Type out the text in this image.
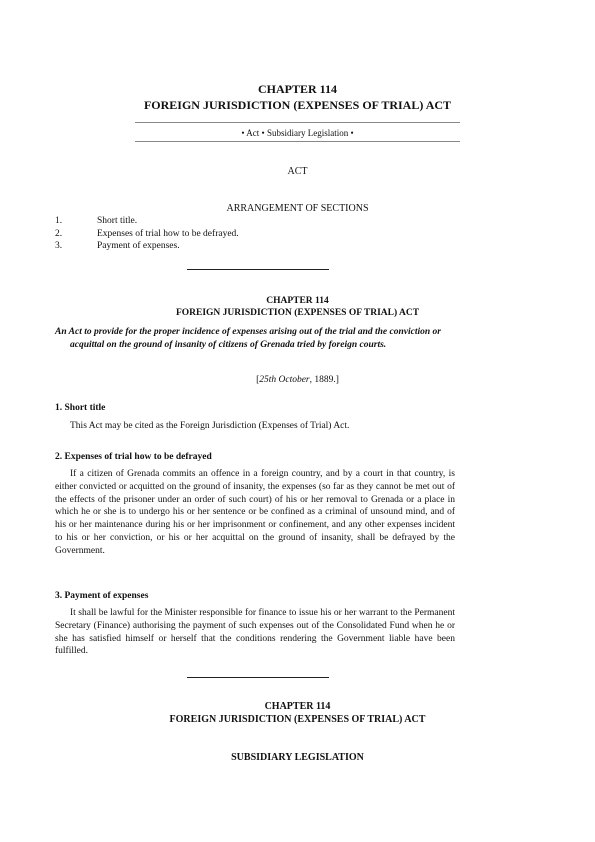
CHAPTER 114
FOREIGN JURISDICTION (EXPENSES OF TRIAL) ACT
• Act • Subsidiary Legislation •
ACT
ARRANGEMENT OF SECTIONS
1.	Short title.
2.	Expenses of trial how to be defrayed.
3.	Payment of expenses.
CHAPTER 114
FOREIGN JURISDICTION (EXPENSES OF TRIAL) ACT
An Act to provide for the proper incidence of expenses arising out of the trial and the conviction or acquittal on the ground of insanity of citizens of Grenada tried by foreign courts.
[25th October, 1889.]
1. Short title
This Act may be cited as the Foreign Jurisdiction (Expenses of Trial) Act.
2. Expenses of trial how to be defrayed
If a citizen of Grenada commits an offence in a foreign country, and by a court in that country, is either convicted or acquitted on the ground of insanity, the expenses (so far as they cannot be met out of the effects of the prisoner under an order of such court) of his or her removal to Grenada or a place in which he or she is to undergo his or her sentence or be confined as a criminal of unsound mind, and of his or her maintenance during his or her imprisonment or confinement, and any other expenses incident to his or her conviction, or his or her acquittal on the ground of insanity, shall be defrayed by the Government.
3. Payment of expenses
It shall be lawful for the Minister responsible for finance to issue his or her warrant to the Permanent Secretary (Finance) authorising the payment of such expenses out of the Consolidated Fund when he or she has satisfied himself or herself that the conditions rendering the Government liable have been fulfilled.
CHAPTER 114
FOREIGN JURISDICTION (EXPENSES OF TRIAL) ACT
SUBSIDIARY LEGISLATION
